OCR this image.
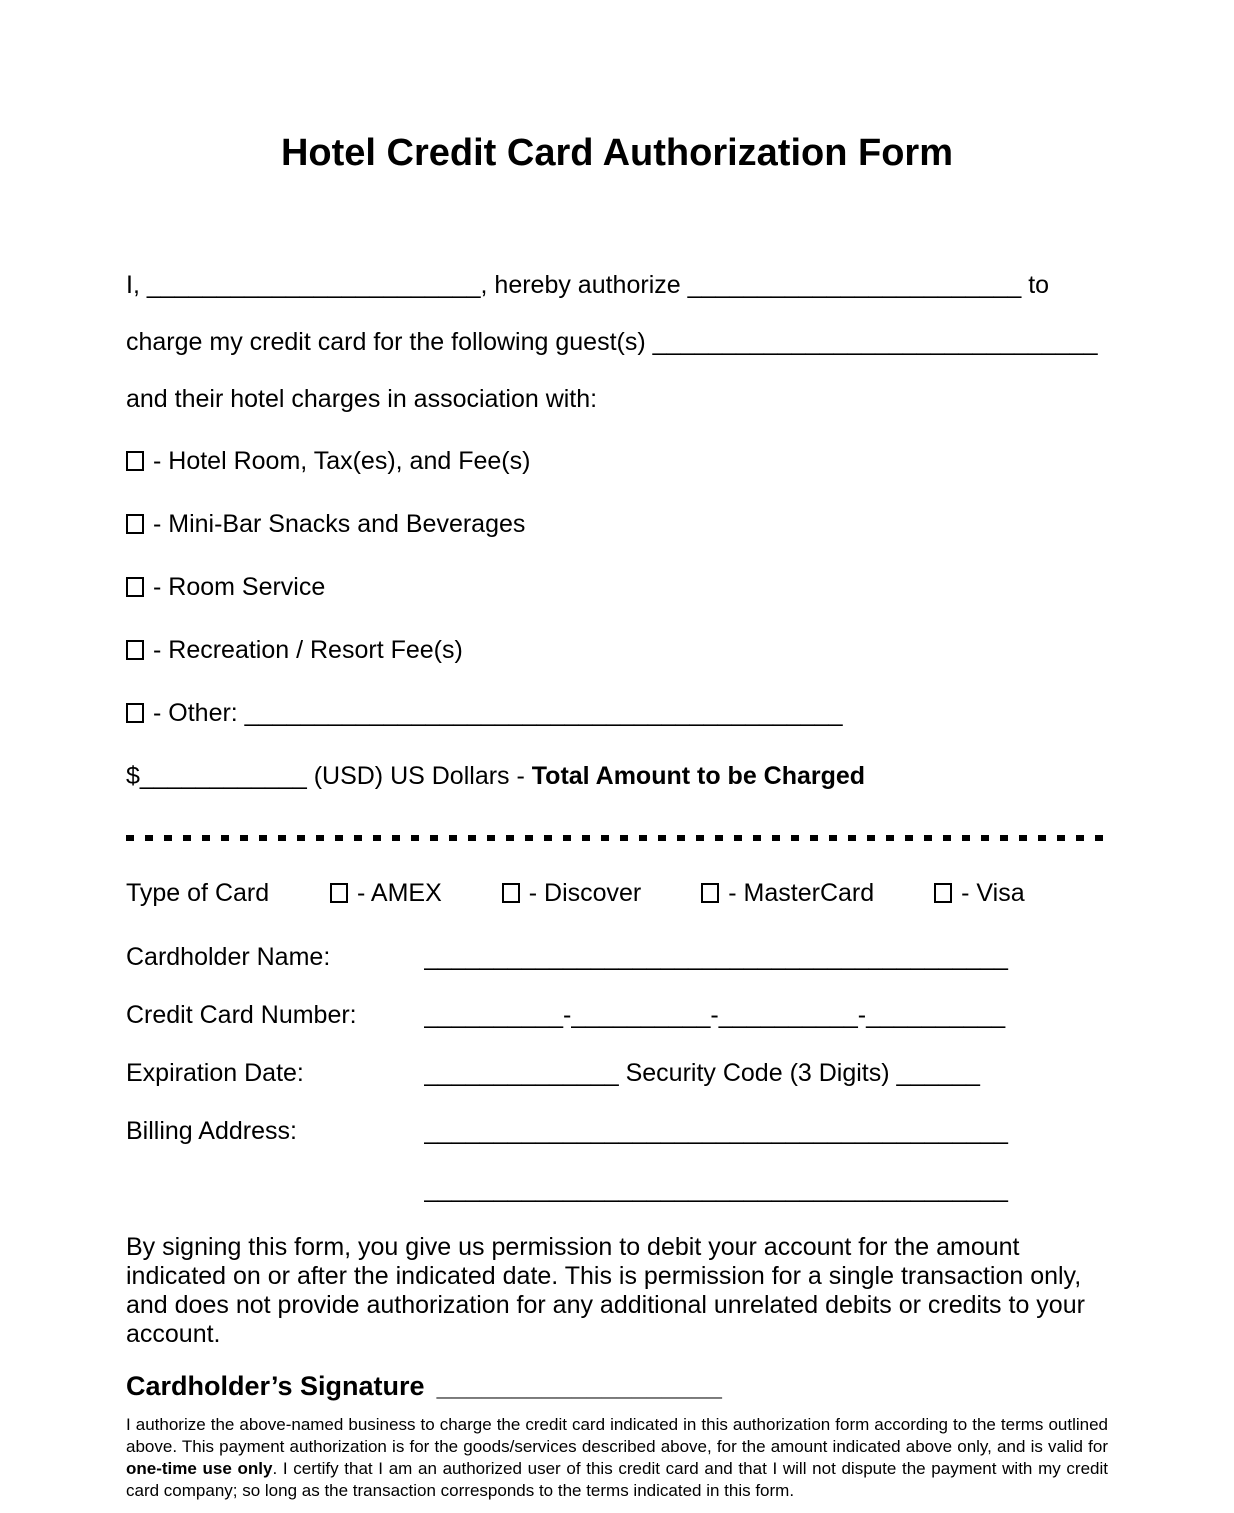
Hotel Credit Card Authorization Form

I, ________________________, hereby authorize ________________________ to

charge my credit card for the following guest(s) ________________________________

and their hotel charges in association with:

- Hotel Room, Tax(es), and Fee(s)
- Mini-Bar Snacks and Beverages
- Room Service
- Recreation / Resort Fee(s)
- Other: ___________________________________________

$____________ (USD) US Dollars - Total Amount to be Charged

Type of Card	- AMEX	- Discover	- MasterCard	- Visa
Cardholder Name:	__________________________________________
Credit Card Number:	__________-__________-__________-__________
Expiration Date:	______________ Security Code (3 Digits) ______
Billing Address:	__________________________________________
__________________________________________

By signing this form, you give us permission to debit your account for the amount indicated on or after the indicated date. This is permission for a single transaction only, and does not provide authorization for any additional unrelated debits or credits to your account.

Cardholder’s Signature ___________________

I authorize the above-named business to charge the credit card indicated in this authorization form according to the terms outlined above. This payment authorization is for the goods/services described above, for the amount indicated above only, and is valid for one-time use only. I certify that I am an authorized user of this credit card and that I will not dispute the payment with my credit card company; so long as the transaction corresponds to the terms indicated in this form.
